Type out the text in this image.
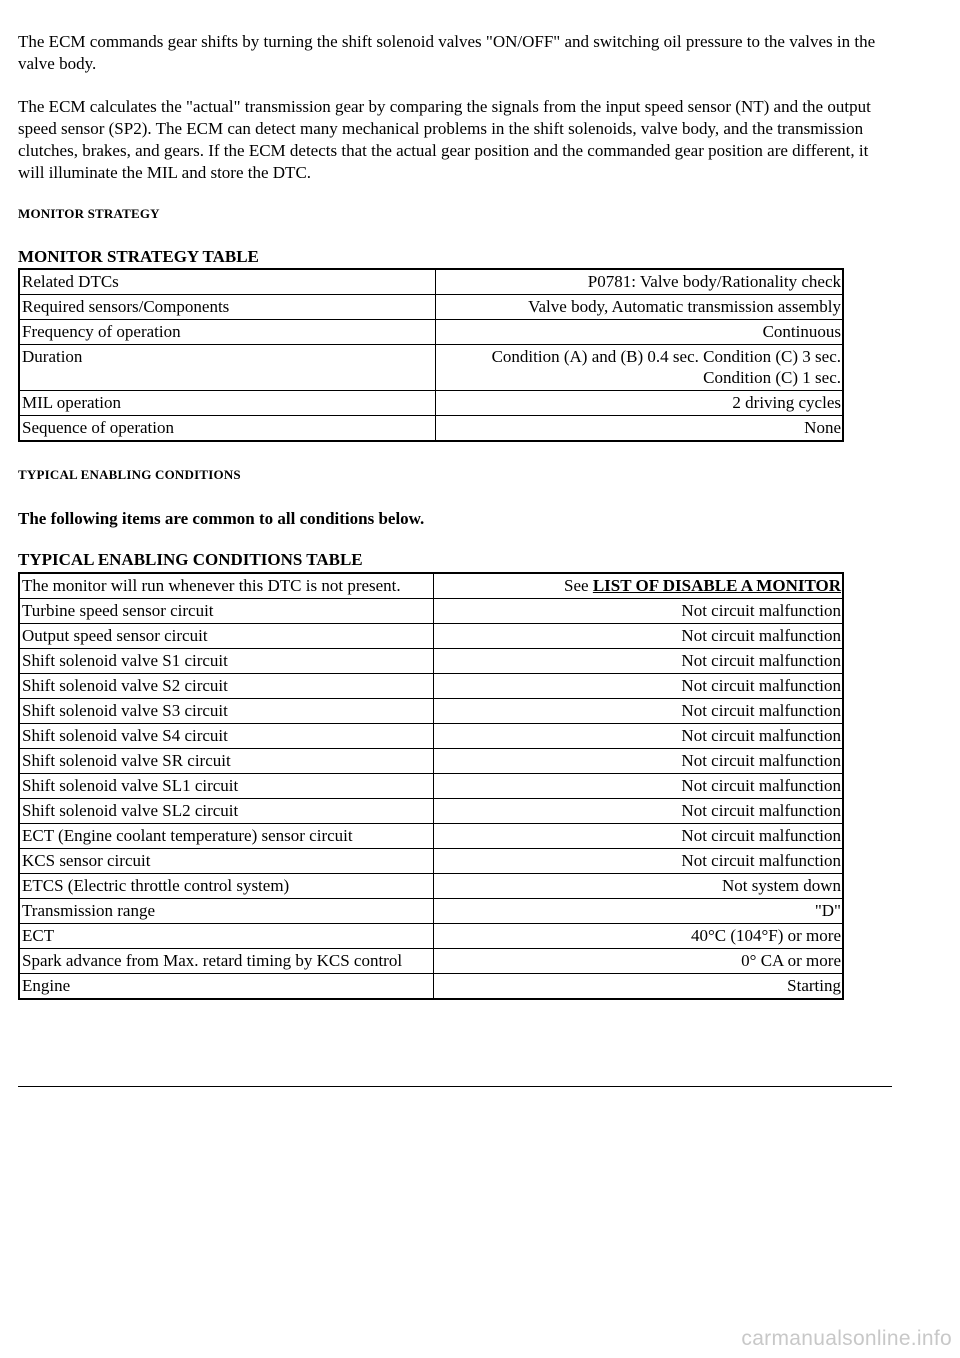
The ECM commands gear shifts by turning the shift solenoid valves "ON/OFF" and switching oil pressure to the valves in the valve body.

The ECM calculates the "actual" transmission gear by comparing the signals from the input speed sensor (NT) and the output speed sensor (SP2). The ECM can detect many mechanical problems in the shift solenoids, valve body, and the transmission clutches, brakes, and gears. If the ECM detects that the actual gear position and the commanded gear position are different, it will illuminate the MIL and store the DTC.

MONITOR STRATEGY
MONITOR STRATEGY TABLE
Related DTCs	P0781: Valve body/Rationality check
Required sensors/Components	Valve body, Automatic transmission assembly
Frequency of operation	Continuous
Duration	Condition (A) and (B) 0.4 sec. Condition (C) 3 sec.
Condition (C) 1 sec.

MIL operation	2 driving cycles
Sequence of operation	None
TYPICAL ENABLING CONDITIONS
The following items are common to all conditions below.
TYPICAL ENABLING CONDITIONS TABLE
The monitor will run whenever this DTC is not present.	See LIST OF DISABLE A MONITOR
Turbine speed sensor circuit	Not circuit malfunction
Output speed sensor circuit	Not circuit malfunction
Shift solenoid valve S1 circuit	Not circuit malfunction
Shift solenoid valve S2 circuit	Not circuit malfunction
Shift solenoid valve S3 circuit	Not circuit malfunction
Shift solenoid valve S4 circuit	Not circuit malfunction
Shift solenoid valve SR circuit	Not circuit malfunction
Shift solenoid valve SL1 circuit	Not circuit malfunction
Shift solenoid valve SL2 circuit	Not circuit malfunction
ECT (Engine coolant temperature) sensor circuit	Not circuit malfunction
KCS sensor circuit	Not circuit malfunction
ETCS (Electric throttle control system)	Not system down
Transmission range	"D"
ECT	40°C (104°F) or more
Spark advance from Max. retard timing by KCS control	0° CA or more
Engine	Starting
carmanualsonline.info
